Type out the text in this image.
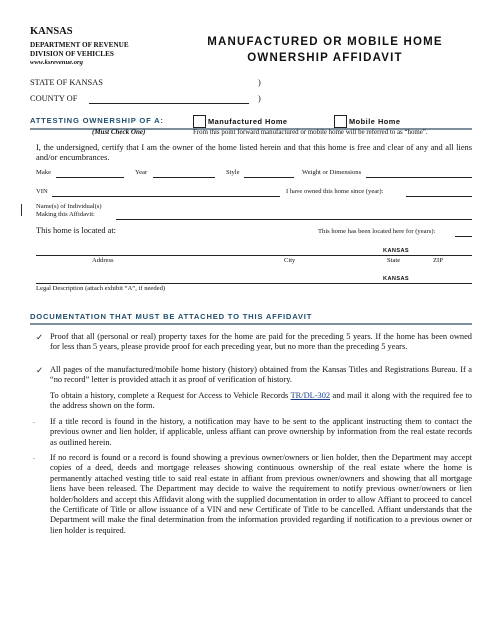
KANSAS
DEPARTMENT OF REVENUE
DIVISION OF VEHICLES
www.ksrevenue.org
MANUFACTURED OR MOBILE HOME
OWNERSHIP AFFIDAVIT
STATE OF KANSAS	)
COUNTY OF	)
ATTESTING OWNERSHIP OF A:
(Must Check One)
Manufactured Home	Mobile Home
From this point forward manufactured or mobile home will be referred to as “home”.
I, the undersigned, certify that I am the owner of the home listed herein and that this home is free and clear of any and all liens and/or encumbrances.
Make	Year	Style	Weight or Dimensions
VIN	I have owned this home since (year):
Name(s) of Individual(s)
Making this Affidavit:
This home is located at:	This home has been located here for (years):
KANSAS
Address	City	State	ZIP
KANSAS
Legal Description (attach exhibit “A”, if needed)
DOCUMENTATION THAT MUST BE ATTACHED TO THIS AFFIDAVIT
✓ Proof that all (personal or real) property taxes for the home are paid for the preceding 5 years. If the home has been owned for less than 5 years, please provide proof for each preceding year, but no more than the preceding 5 years.
✓ All pages of the manufactured/mobile home history (history) obtained from the Kansas Titles and Registrations Bureau. If a “no record” letter is provided attach it as proof of verification of history.
To obtain a history, complete a Request for Access to Vehicle Records TR/DL-302 and mail it along with the required fee to the address shown on the form.
- If a title record is found in the history, a notification may have to be sent to the applicant instructing them to contact the previous owner and lien holder, if applicable, unless affiant can prove ownership by information from the real estate records as outlined herein.
- If no record is found or a record is found showing a previous owner/owners or lien holder, then the Department may accept copies of a deed, deeds and mortgage releases showing continuous ownership of the real estate where the home is permanently attached vesting title to said real estate in affiant from previous owner/owners and showing that all mortgage liens have been released. The Department may decide to waive the requirement to notify previous owner/owners or lien holder/holders and accept this Affidavit along with the supplied documentation in order to allow Affiant to proceed to cancel the Certificate of Title or allow issuance of a VIN and new Certificate of Title to be cancelled. Affiant understands that the Department will make the final determination from the information provided regarding if notification to a previous owner or lien holder is required.
